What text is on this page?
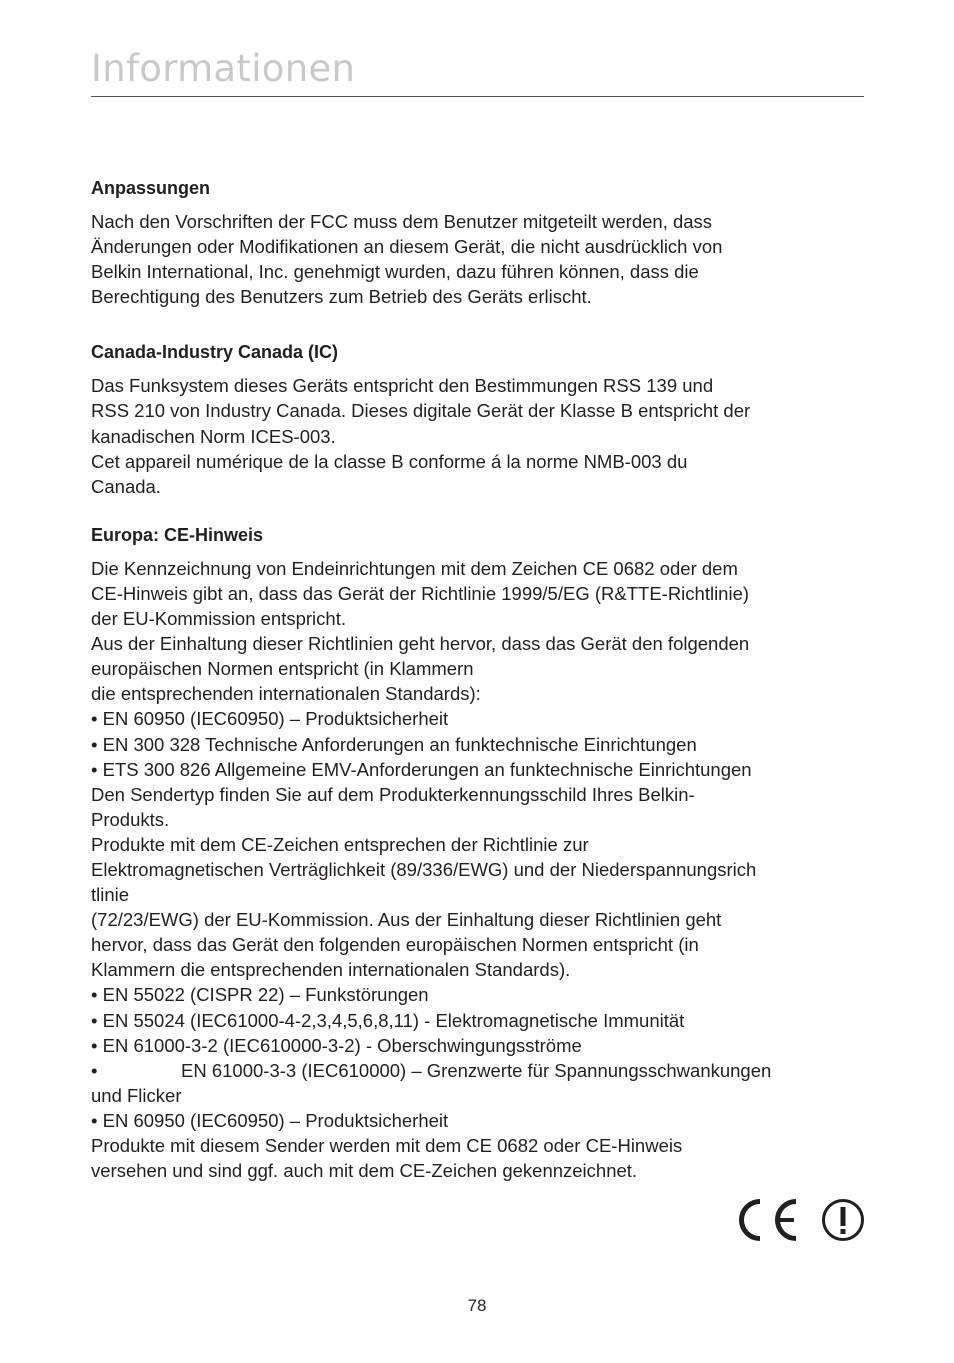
Informationen
Anpassungen

Nach den Vorschriften der FCC muss dem Benutzer mitgeteilt werden, dass
Änderungen oder Modifikationen an diesem Gerät, die nicht ausdrücklich von
Belkin International, Inc. genehmigt wurden, dazu führen können, dass die
Berechtigung des Benutzers zum Betrieb des Geräts erlischt.

Canada-Industry Canada (IC)

Das Funksystem dieses Geräts entspricht den Bestimmungen RSS 139 und
RSS 210 von Industry Canada. Dieses digitale Gerät der Klasse B entspricht der
kanadischen Norm ICES-003.
Cet appareil numérique de la classe B conforme á la norme NMB-003 du
Canada.

Europa: CE-Hinweis

Die Kennzeichnung von Endeinrichtungen mit dem Zeichen CE 0682 oder dem
CE-Hinweis gibt an, dass das Gerät der Richtlinie 1999/5/EG (R&TTE-Richtlinie)
der EU-Kommission entspricht.
Aus der Einhaltung dieser Richtlinien geht hervor, dass das Gerät den folgenden
europäischen Normen entspricht (in Klammern
die entsprechenden internationalen Standards):
• EN 60950 (IEC60950) – Produktsicherheit
• EN 300 328 Technische Anforderungen an funktechnische Einrichtungen
• ETS 300 826 Allgemeine EMV-Anforderungen an funktechnische Einrichtungen
Den Sendertyp finden Sie auf dem Produkterkennungsschild Ihres Belkin-
Produkts.
Produkte mit dem CE-Zeichen entsprechen der Richtlinie zur
Elektromagnetischen Verträglichkeit (89/336/EWG) und der Niederspannungsrich
tlinie
(72/23/EWG) der EU-Kommission. Aus der Einhaltung dieser Richtlinien geht
hervor, dass das Gerät den folgenden europäischen Normen entspricht (in
Klammern die entsprechenden internationalen Standards).
• EN 55022 (CISPR 22) – Funkstörungen
• EN 55024 (IEC61000-4-2,3,4,5,6,8,11) - Elektromagnetische Immunität
• EN 61000-3-2 (IEC610000-3-2) - Oberschwingungsströme
•	EN 61000-3-3 (IEC610000) – Grenzwerte für Spannungsschwankungen
und Flicker
• EN 60950 (IEC60950) – Produktsicherheit
Produkte mit diesem Sender werden mit dem CE 0682 oder CE-Hinweis
versehen und sind ggf. auch mit dem CE-Zeichen gekennzeichnet.

78
